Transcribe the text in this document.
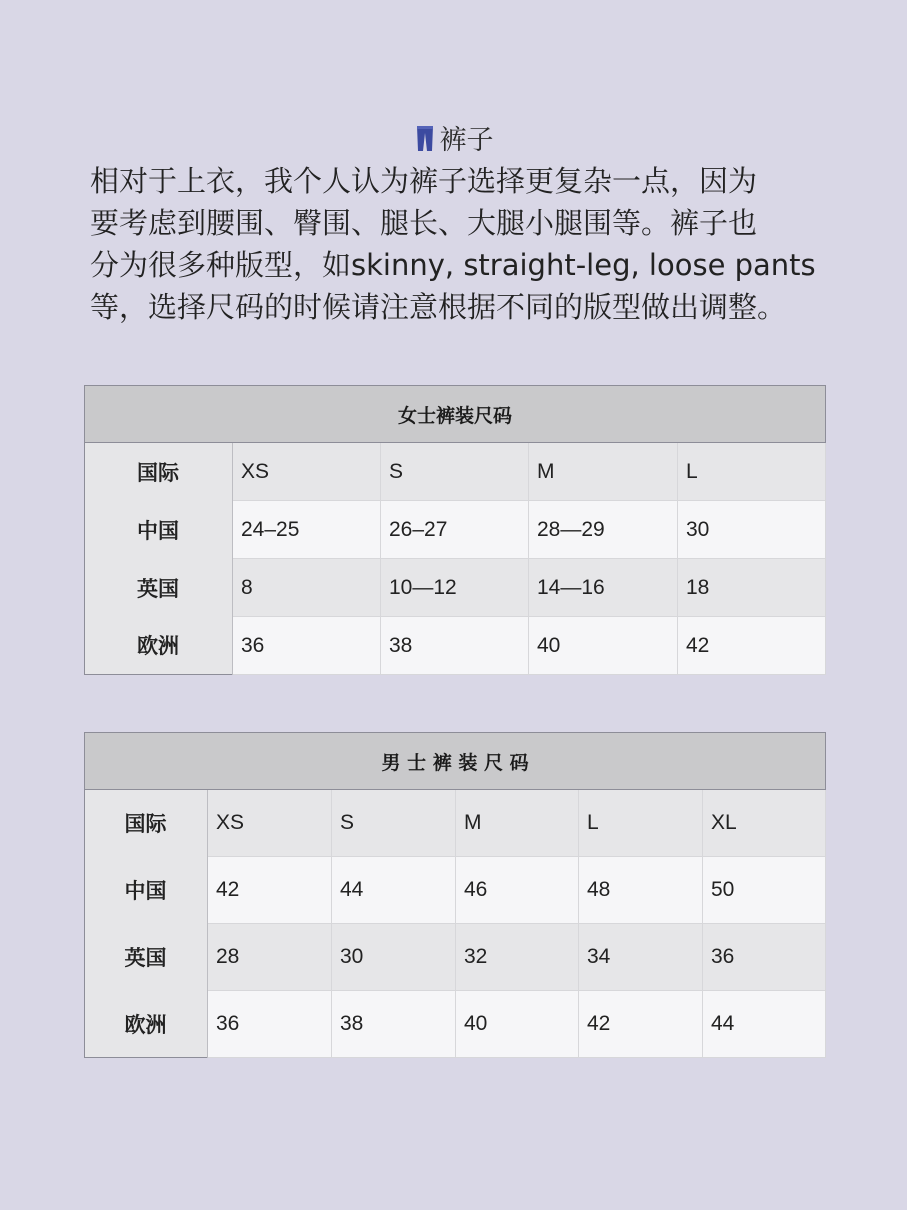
裤子
相对于上衣，我个人认为裤子选择更复杂一点，因为
要考虑到腰围、臀围、腿长、大腿小腿围等。裤子也
分为很多种版型，如skinny, straight-leg, loose pants
等，选择尺码的时候请注意根据不同的版型做出调整。
女士裤装尺码				
国际	XS	S	M	L
中国	24–25	26–27	28—29	30
英国	8	10—12	14—16	18
欧洲	36	38	40	42
男 士 裤 装 尺 码					
国际	XS	S	M	L	XL
中国	42	44	46	48	50
英国	28	30	32	34	36
欧洲	36	38	40	42	44
